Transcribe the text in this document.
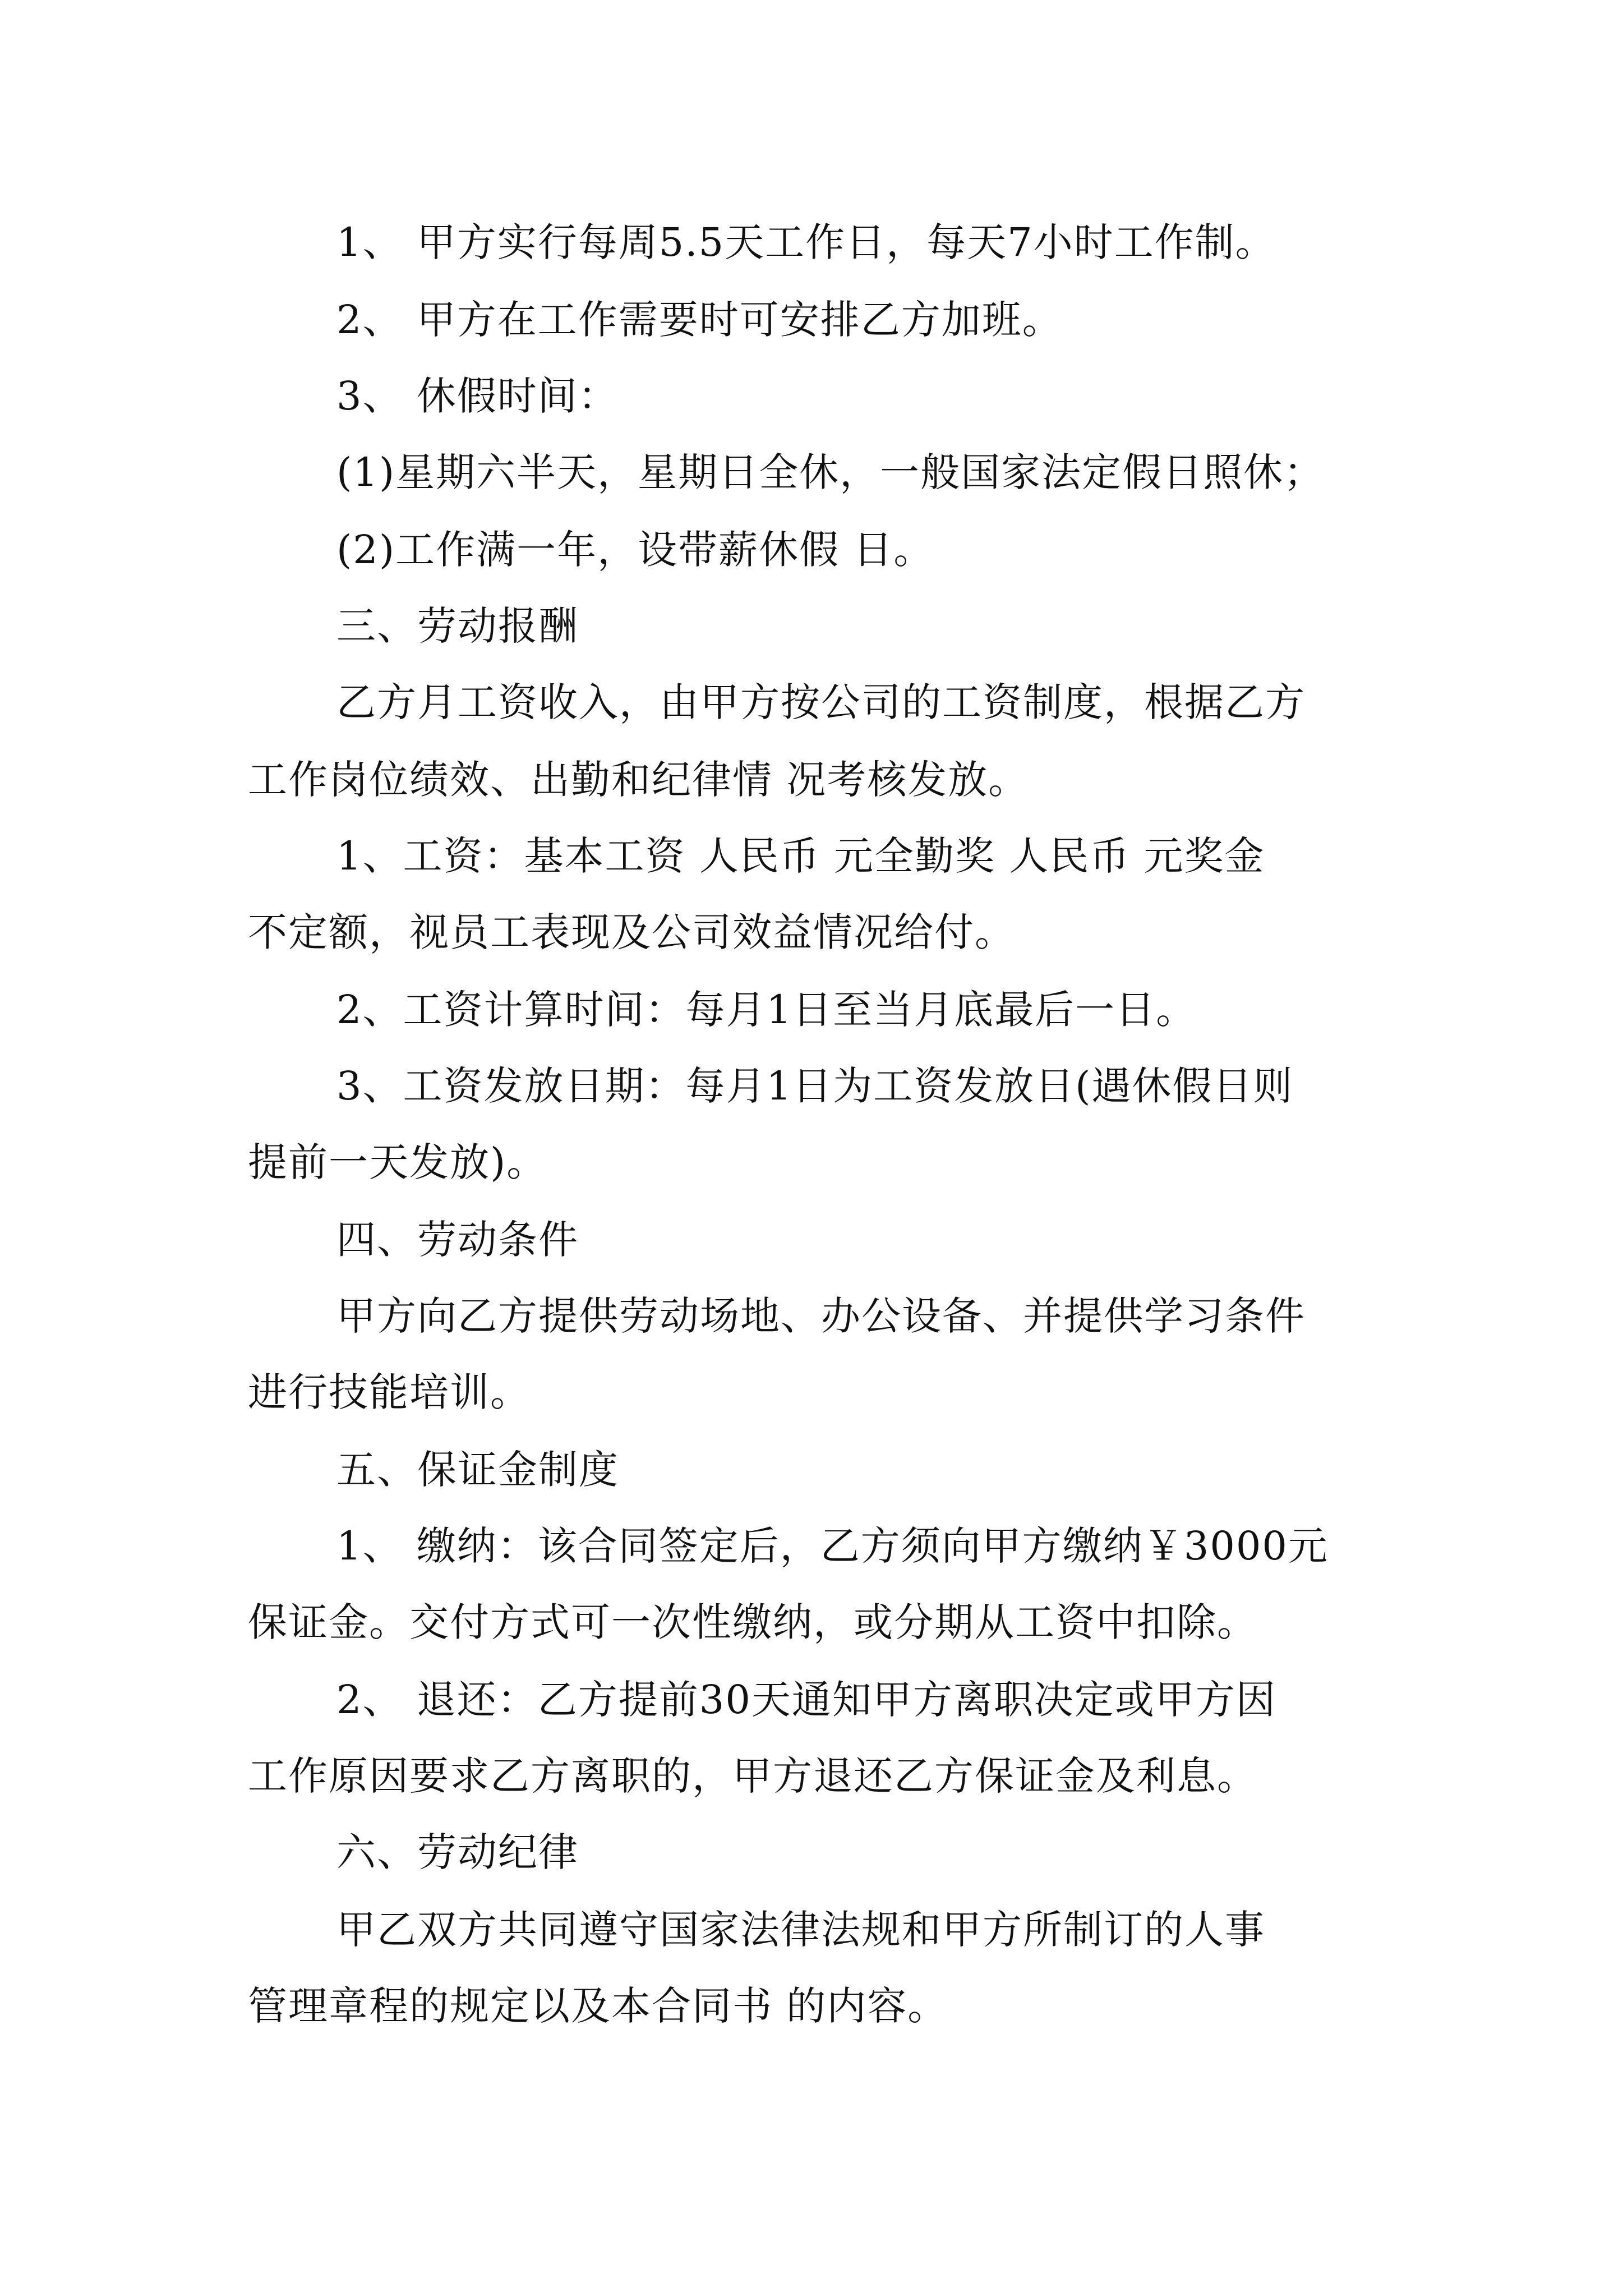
1、 甲方实行每周5.5天工作日，每天7小时工作制。
2、 甲方在工作需要时可安排乙方加班。
3、 休假时间：
(1)星期六半天，星期日全休，一般国家法定假日照休；
(2)工作满一年，设带薪休假 日。
三、劳动报酬
乙方月工资收入，由甲方按公司的工资制度，根据乙方
工作岗位绩效、出勤和纪律情 况考核发放。
1、工资：基本工资 人民币 元全勤奖 人民币 元奖金
不定额，视员工表现及公司效益情况给付。
2、工资计算时间：每月1日至当月底最后一日。
3、工资发放日期：每月1日为工资发放日(遇休假日则
提前一天发放)。
四、劳动条件
甲方向乙方提供劳动场地、办公设备、并提供学习条件
进行技能培训。
五、保证金制度
1、 缴纳：该合同签定后，乙方须向甲方缴纳￥3000元
保证金。交付方式可一次性缴纳，或分期从工资中扣除。
2、 退还：乙方提前30天通知甲方离职决定或甲方因
工作原因要求乙方离职的，甲方退还乙方保证金及利息。
六、劳动纪律
甲乙双方共同遵守国家法律法规和甲方所制订的人事
管理章程的规定以及本合同书 的内容。
